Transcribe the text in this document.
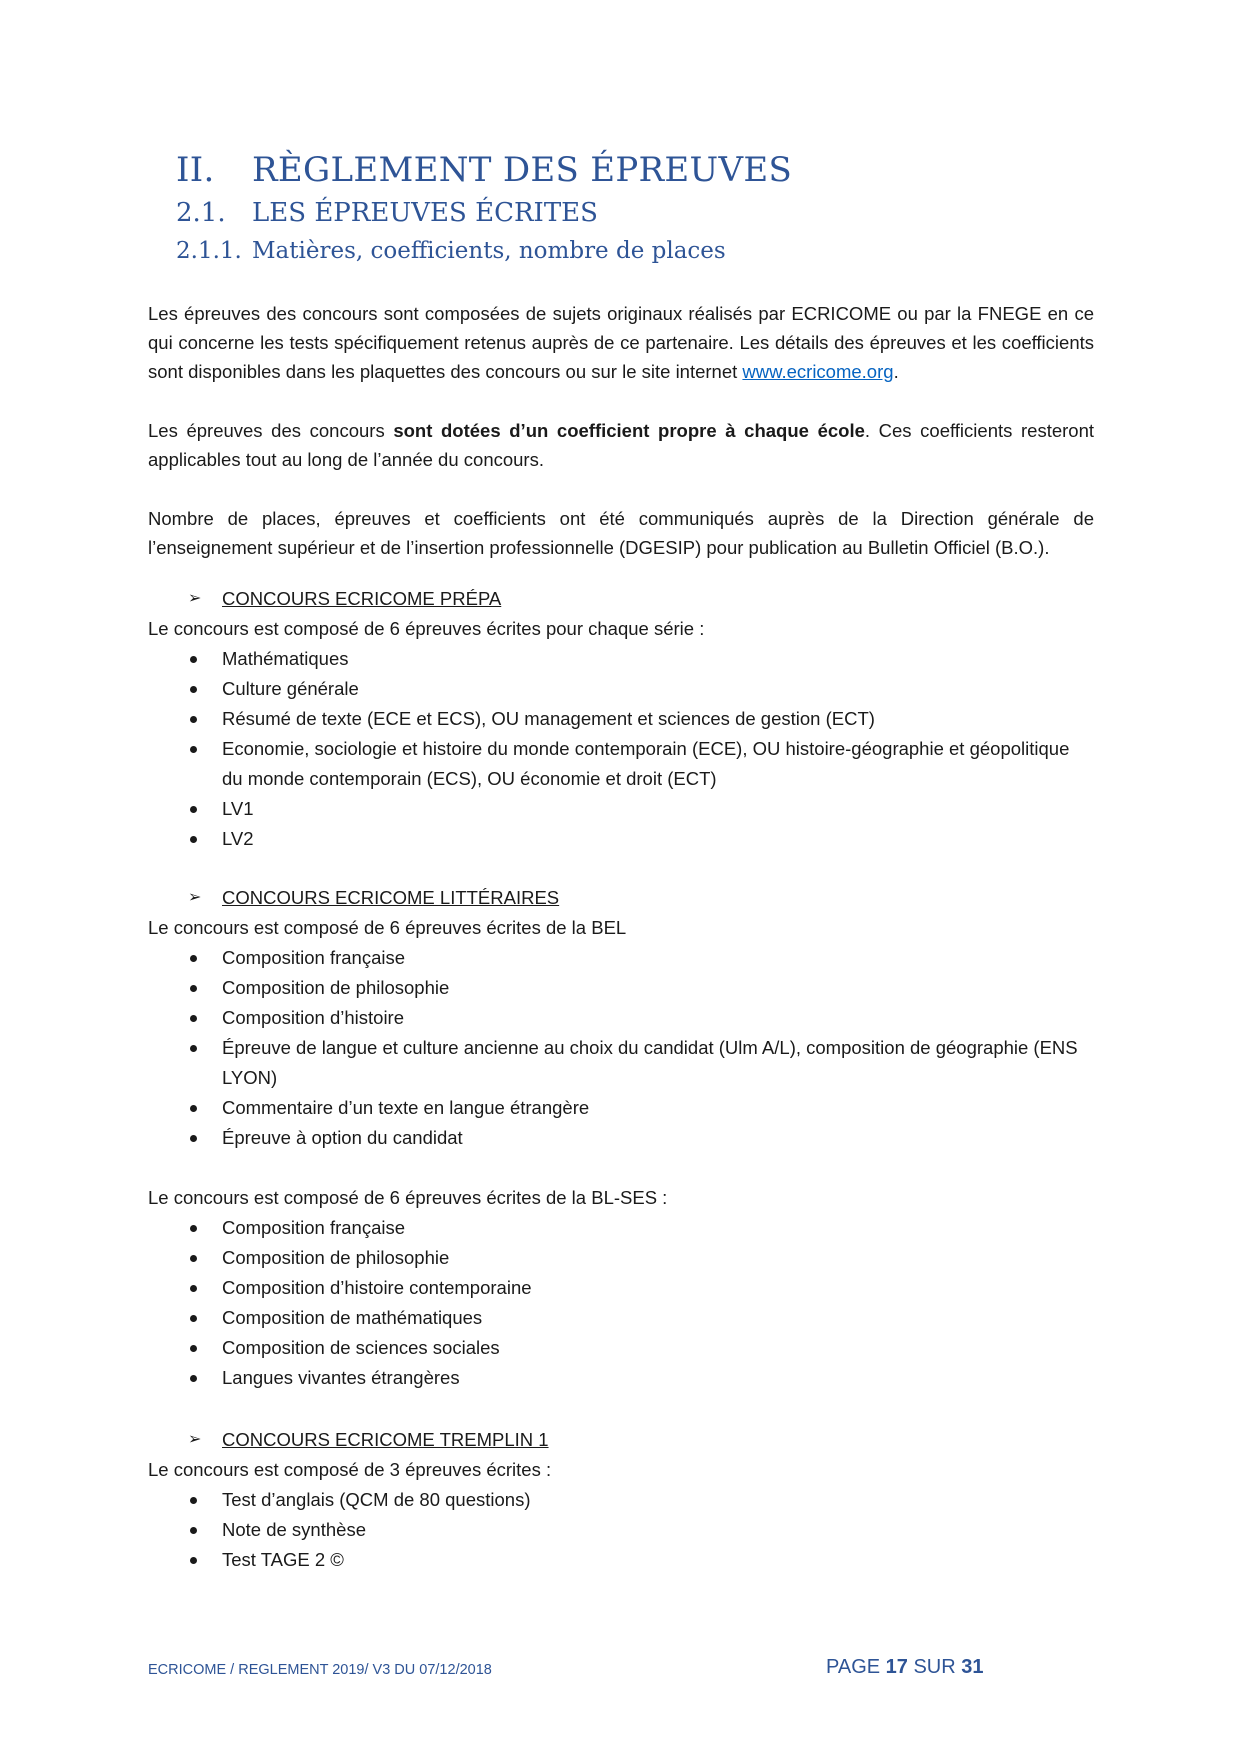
II. RÈGLEMENT DES ÉPREUVES
2.1. LES ÉPREUVES ÉCRITES
2.1.1. Matières, coefficients, nombre de places
Les épreuves des concours sont composées de sujets originaux réalisés par ECRICOME ou par la FNEGE en ce qui concerne les tests spécifiquement retenus auprès de ce partenaire. Les détails des épreuves et les coefficients sont disponibles dans les plaquettes des concours ou sur le site internet www.ecricome.org.
Les épreuves des concours sont dotées d’un coefficient propre à chaque école. Ces coefficients resteront applicables tout au long de l’année du concours.
Nombre de places, épreuves et coefficients ont été communiqués auprès de la Direction générale de l’enseignement supérieur et de l’insertion professionnelle (DGESIP) pour publication au Bulletin Officiel (B.O.).
➢ CONCOURS ECRICOME PRÉPA
Le concours est composé de 6 épreuves écrites pour chaque série :
Mathématiques
Culture générale
Résumé de texte (ECE et ECS), OU management et sciences de gestion (ECT)
Economie, sociologie et histoire du monde contemporain (ECE), OU histoire-géographie et géopolitique du monde contemporain (ECS), OU économie et droit (ECT)
LV1
LV2
➢ CONCOURS ECRICOME LITTÉRAIRES
Le concours est composé de 6 épreuves écrites de la BEL
Composition française
Composition de philosophie
Composition d’histoire
Épreuve de langue et culture ancienne au choix du candidat (Ulm A/L), composition de géographie (ENS LYON)
Commentaire d’un texte en langue étrangère
Épreuve à option du candidat
Le concours est composé de 6 épreuves écrites de la BL-SES :
Composition française
Composition de philosophie
Composition d’histoire contemporaine
Composition de mathématiques
Composition de sciences sociales
Langues vivantes étrangères
➢ CONCOURS ECRICOME TREMPLIN 1
Le concours est composé de 3 épreuves écrites :
Test d’anglais (QCM de 80 questions)
Note de synthèse
Test TAGE 2 ©
ECRICOME / REGLEMENT 2019/ V3 DU 07/12/2018	PAGE 17 SUR 31
